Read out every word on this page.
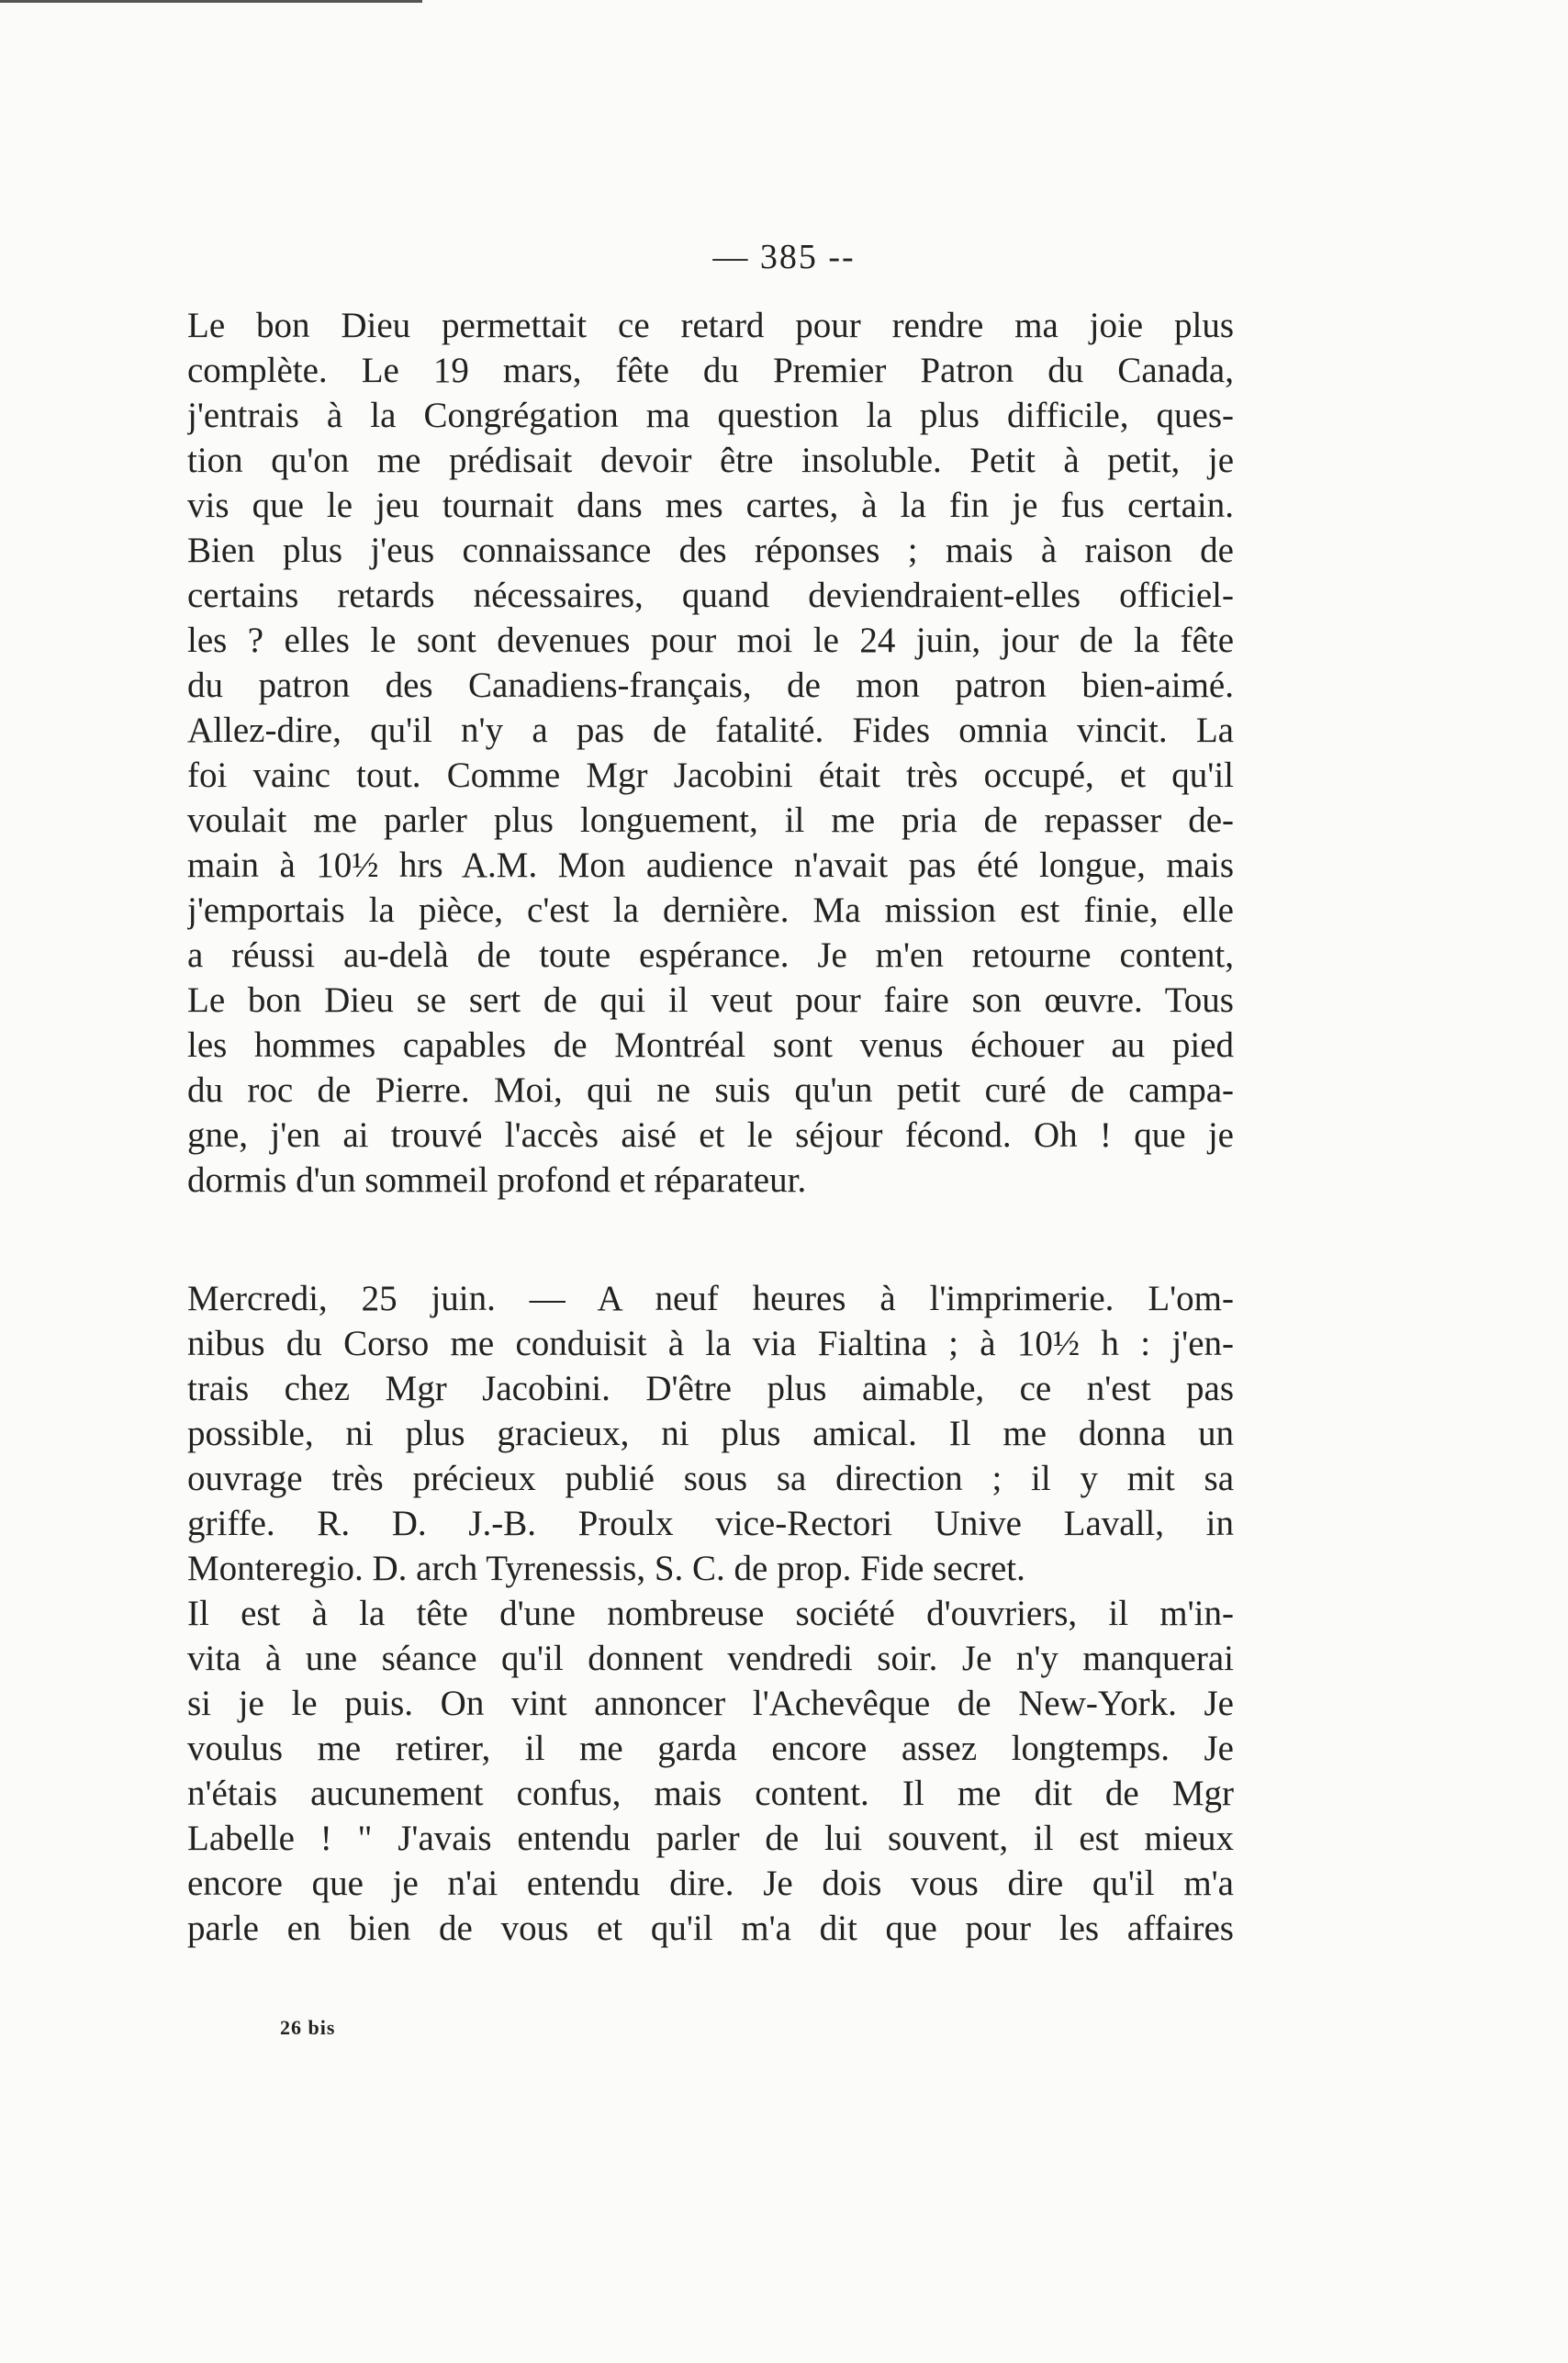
— 385 --
Le bon Dieu permettait ce retard pour rendre ma joie plus
complète. Le 19 mars, fête du Premier Patron du Canada,
j'entrais à la Congrégation ma question la plus difficile, ques-
tion qu'on me prédisait devoir être insoluble. Petit à petit, je
vis que le jeu tournait dans mes cartes, à la fin je fus certain.
Bien plus j'eus connaissance des réponses ; mais à raison de
certains retards nécessaires, quand deviendraient-elles officiel-
les ? elles le sont devenues pour moi le 24 juin, jour de la fête
du patron des Canadiens-français, de mon patron bien-aimé.
Allez-dire, qu'il n'y a pas de fatalité. Fides omnia vincit. La
foi vainc tout. Comme Mgr Jacobini était très occupé, et qu'il
voulait me parler plus longuement, il me pria de repasser de-
main à 10½ hrs A.M. Mon audience n'avait pas été longue, mais
j'emportais la pièce, c'est la dernière. Ma mission est finie, elle
a réussi au-delà de toute espérance. Je m'en retourne content,
Le bon Dieu se sert de qui il veut pour faire son œuvre. Tous
les hommes capables de Montréal sont venus échouer au pied
du roc de Pierre. Moi, qui ne suis qu'un petit curé de campa-
gne, j'en ai trouvé l'accès aisé et le séjour fécond. Oh ! que je
dormis d'un sommeil profond et réparateur.
Mercredi, 25 juin. — A neuf heures à l'imprimerie. L'om-
nibus du Corso me conduisit à la via Fialtina ; à 10½ h : j'en-
trais chez Mgr Jacobini. D'être plus aimable, ce n'est pas
possible, ni plus gracieux, ni plus amical. Il me donna un
ouvrage très précieux publié sous sa direction ; il y mit sa
griffe. R. D. J.-B. Proulx vice-Rectori Unive Lavall, in
Monteregio. D. arch Tyrenessis, S. C. de prop. Fide secret.
Il est à la tête d'une nombreuse société d'ouvriers, il m'in-
vita à une séance qu'il donnent vendredi soir. Je n'y manquerai
si je le puis. On vint annoncer l'Achevêque de New-York. Je
voulus me retirer, il me garda encore assez longtemps. Je
n'étais aucunement confus, mais content. Il me dit de Mgr
Labelle ! " J'avais entendu parler de lui souvent, il est mieux
encore que je n'ai entendu dire. Je dois vous dire qu'il m'a
parle en bien de vous et qu'il m'a dit que pour les affaires
26 bis
